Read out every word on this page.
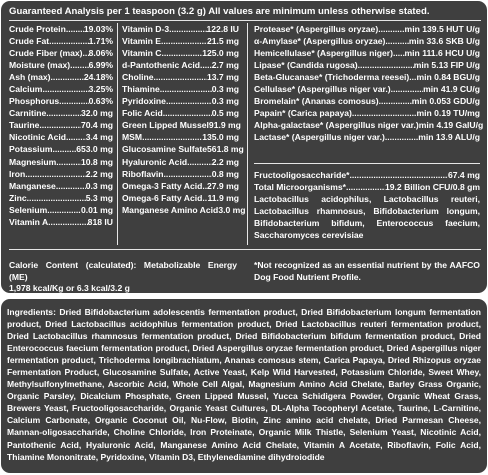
Guaranteed Analysis per 1 teaspoon (3.2 g) All values are minimum unless otherwise stated.
Crude Protein ..... 19.03%
Crude Fat .....	1.71%
Crude Fiber (max) ..... 8.06%
Moisture (max) ..... 6.99%
Ash (max) .....	24.18%
Calcium .....	3.25%
Phosphorus .....	0.63%
Carnitine .....	32.0 mg
Taurine .....	70.4 mg
Nicotinic Acid ..... 3.4 mg
Potassium .....	653.0 mg
Magnesium .....	10.8 mg
Iron .....	2.2 mg
Manganese .....	0.3 mg
Zinc .....	5.3 mg
Selenium .....	0.01 mg
Vitamin A .....	818 IU
Vitamin D-3 .....	122.8 IU
Vitamin E .....	21.5 mg
Vitamin C .....	125.0 mg
d-Pantothenic Acid ..... 2.7 mg
Choline .....	13.7 mg
Thiamine .....	0.3 mg
Pyridoxine .....	0.3 mg
Folic Acid .....	0.5 mg
Green Lipped Mussel 91.9 mg
MSM .....	135.0 mg
Glucosamine Sulfate 561.8 mg
Hyaluronic Acid .....	2.2 mg
Riboflavin .....	0.8 mg
Omega-3 Fatty Acid ..... 27.9 mg
Omega-6 Fatty Acid ..... 11.9 mg
Manganese Amino Acid 3.0 mg
Protease* (Aspergillus oryzae) .....	min 139.5 HUT U/g
α-Amylase* (Aspergillus oryzae) .....	min 33.6 SKB U/g
Hemicellulase* (Aspergillus niger) ..... min 111.6 HCU U/g
Lipase* (Candida rugosa) .....	min 5.13 FIP U/g
Beta-Glucanase* (Trichoderma reesei) ..... min 0.84 BGU/g
Cellulase* (Aspergillus niger var.) .....	min 41.9 CU/g
Bromelain* (Ananas comosus) .....	min 0.053 GDU/g
Papain* (Carica papaya) .....	min 0.19 TU/mg
Alpha-galactase* (Aspergillus niger var.) min 4.19 GalU/g
Lactase* (Aspergillus niger var.) .....	min 13.9 ALU/g
Fructooligosaccharide* .....	67.4 mg
Total Microorganisms* .....	19.2 Billion CFU/0.8 gm
Lactobacillus acidophilus, Lactobacillus reuteri, Lactobacillus rhamnosus, Bifidobacterium longum, Bifidobacterium bifidum, Enterococcus faecium, Saccharomyces cerevisiae
Calorie Content (calculated): Metabolizable Energy (ME)
1,978 kcal/Kg or 6.3 kcal/3.2 g
*Not recognized as an essential nutrient by the AAFCO Dog Food Nutrient Profile.
Ingredients: Dried Bifidobacterium adolescentis fermentation product, Dried Bifidobacterium longum fermentation product, Dried Lactobacillus acidophilus fermentation product, Dried Lactobacillus reuteri fermentation product, Dried Lactobacillus rhamnosus fermentation product, Dried Bifidobacterium bifidum fermentation product, Dried Enterococcus faecium fermentation product, Dried Aspergillus oryzae fermentation product, Dried Aspergillus niger fermentation product, Trichoderma longibrachiatum, Ananas comosus stem, Carica Papaya, Dried Rhizopus oryzae Fermentation Product, Glucosamine Sulfate, Active Yeast, Kelp Wild Harvested, Potassium Chloride, Sweet Whey, Methylsulfonylmethane, Ascorbic Acid, Whole Cell Algal, Magnesium Amino Acid Chelate, Barley Grass Organic, Organic Parsley, Dicalcium Phosphate, Green Lipped Mussel, Yucca Schidigera Powder, Organic Wheat Grass, Brewers Yeast, Fructooligosaccharide, Organic Yeast Cultures, DL-Alpha Tocopheryl Acetate, Taurine, L-Carnitine, Calcium Carbonate, Organic Coconut Oil, Nu-Flow, Biotin, Zinc amino acid chelate, Dried Parmesan Cheese, Mannan-oligosaccharide, Choline Chloride, Iron Proteinate, Organic Milk Thistle, Selenium Yeast, Nicotinic Acid, Pantothenic Acid, Hyaluronic Acid, Manganese Amino Acid Chelate, Vitamin A Acetate, Riboflavin, Folic Acid, Thiamine Mononitrate, Pyridoxine, Vitamin D3, Ethylenediamine dihydroiodide
